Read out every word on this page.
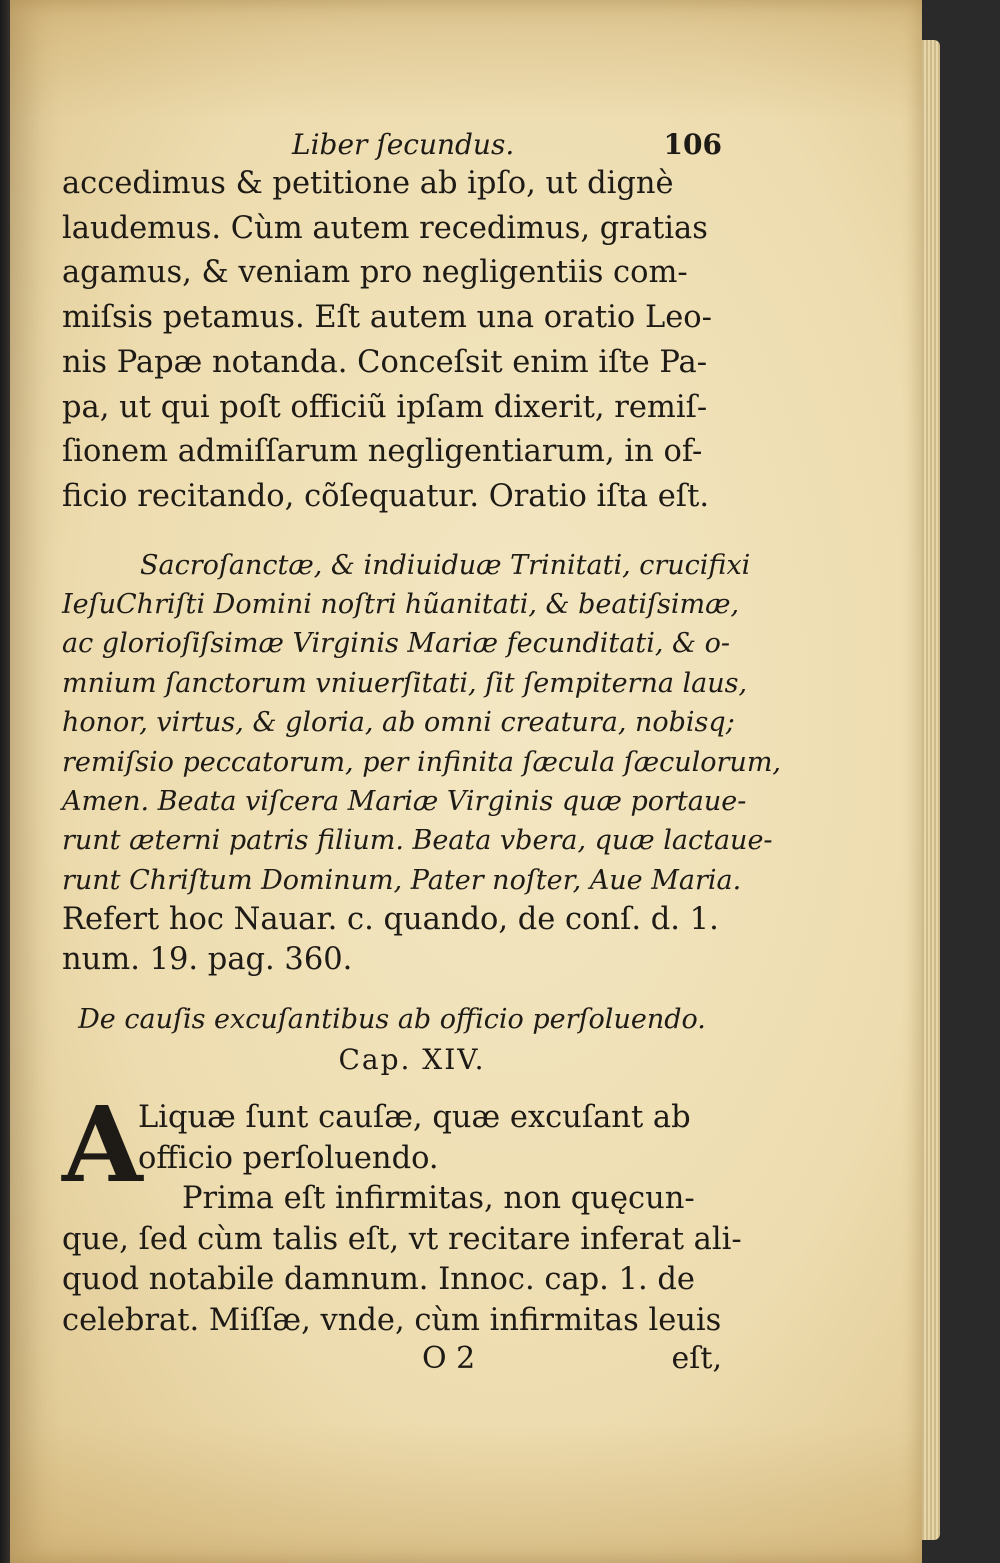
Liber ſecundus.	106
accedimus & petitione ab ipſo, ut dignè
laudemus. Cùm autem recedimus, gratias
agamus, & veniam pro negligentiis com-
miſsis petamus. Eſt autem una oratio Leo-
nis Papæ notanda. Conceſsit enim iſte Pa-
pa, ut qui poſt officiũ ipſam dixerit, remiſ-
ſionem admiſſarum negligentiarum, in of-
ficio recitando, cõſequatur. Oratio iſta eſt.
Sacroſanctæ, & indiuiduæ Trinitati, crucifixi
IeſuChriſti Domini noſtri hũanitati, & beatiſsimæ,
ac glorioſiſsimæ Virginis Mariæ fecunditati, & o-
mnium ſanctorum vniuerſitati, ſit ſempiterna laus,
honor, virtus, & gloria, ab omni creatura, nobisq;
remiſsio peccatorum, per infinita ſæcula ſæculorum,
Amen. Beata viſcera Mariæ Virginis quæ portaue-
runt æterni patris filium. Beata vbera, quæ lactaue-
runt Chriſtum Dominum, Pater noſter, Aue Maria.
Refert hoc Nauar. c. quando, de conſ. d. 1.
num. 19. pag. 360.
De cauſis excuſantibus ab officio perſoluendo.
Cap. XIV.
A
Liquæ ſunt cauſæ, quæ excuſant ab
officio perſoluendo.
Prima eſt infirmitas, non quęcun-
que, ſed cùm talis eſt, vt recitare inferat ali-
quod notabile damnum. Innoc. cap. 1. de
celebrat. Miſſæ, vnde, cùm infirmitas leuis
O 2	eſt,
